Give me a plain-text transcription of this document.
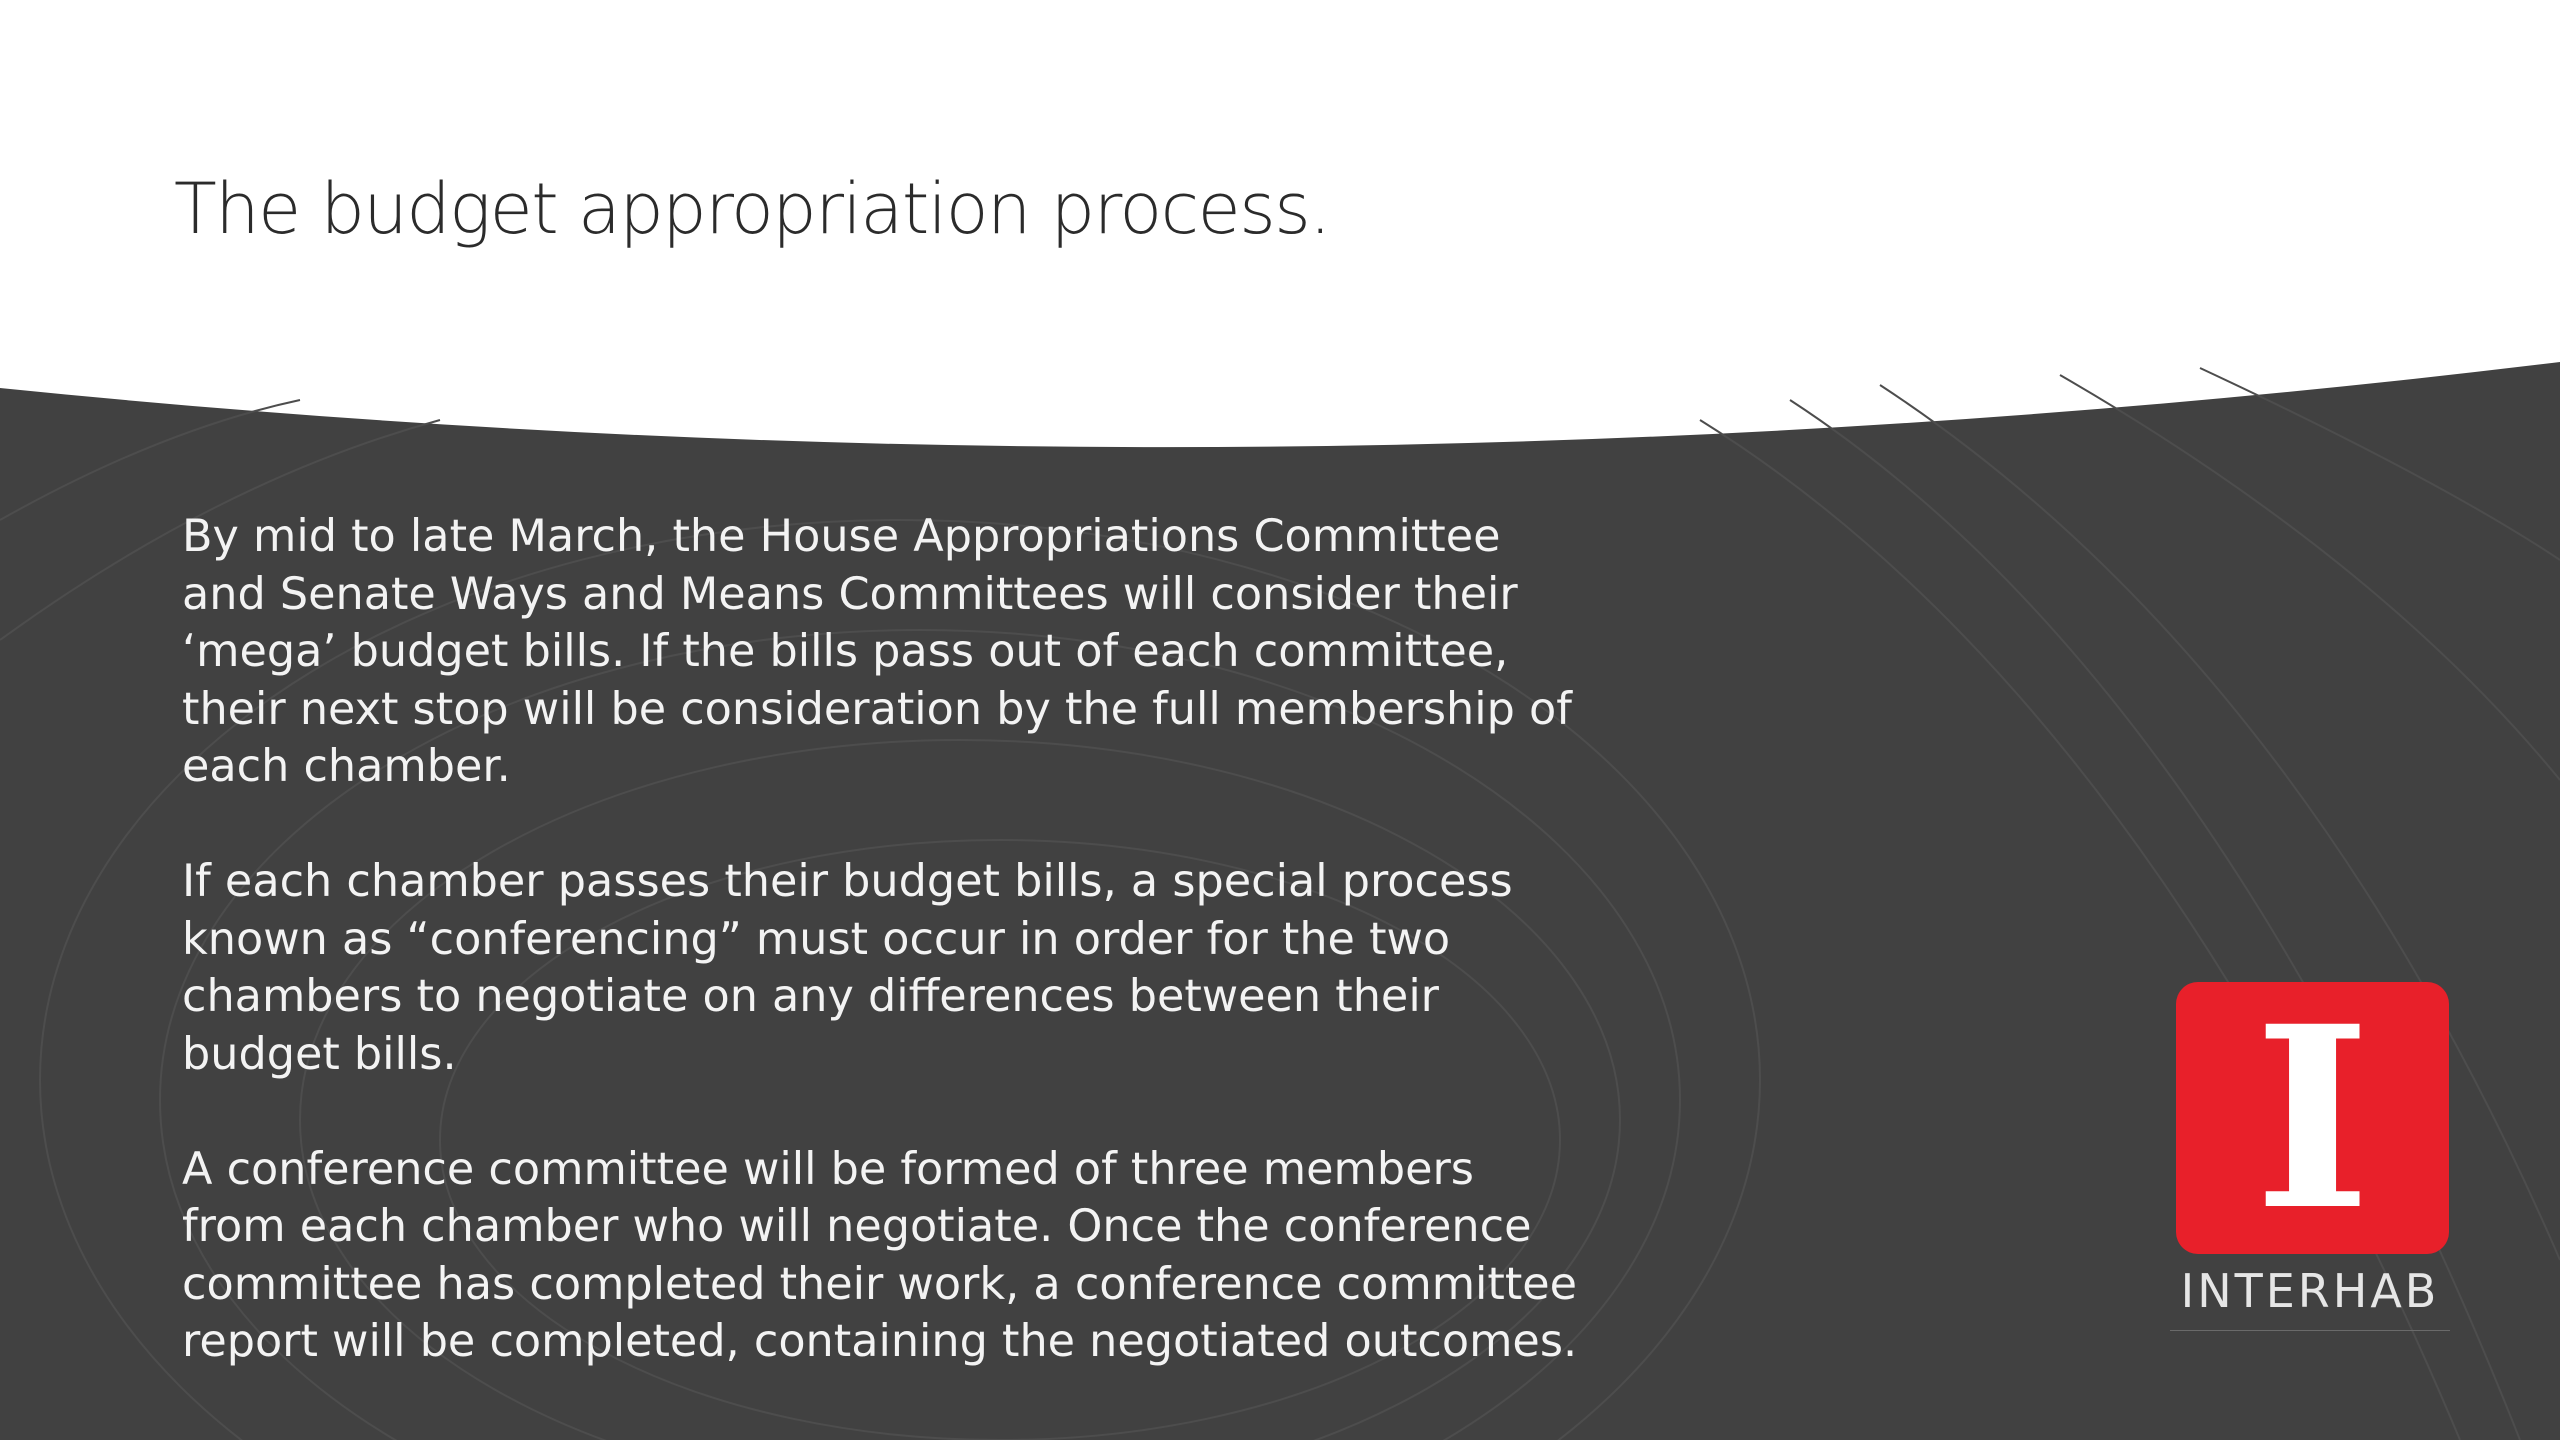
The budget appropriation process.

By mid to late March, the House Appropriations Committee
and Senate Ways and Means Committees will consider their
‘mega’ budget bills. If the bills pass out of each committee,
their next stop will be consideration by the full membership of
each chamber.

If each chamber passes their budget bills, a special process
known as “conferencing” must occur in order for the two
chambers to negotiate on any differences between their
budget bills.

A conference committee will be formed of three members
from each chamber who will negotiate. Once the conference
committee has completed their work, a conference committee
report will be completed, containing the negotiated outcomes.

I
INTERHAB
